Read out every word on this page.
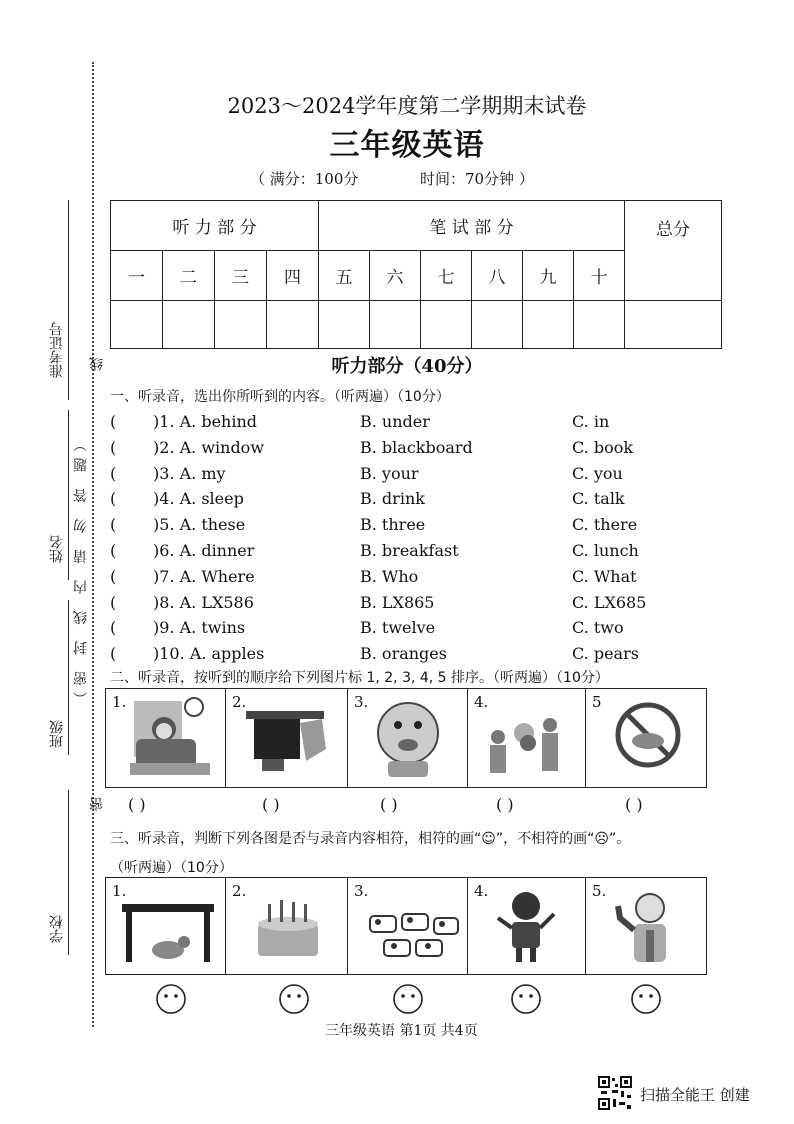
准考证号 线
（密 封 线 内 请 勿 答 题）
姓名
班级
密
学校
2023～2024学年度第二学期期末试卷
三年级英语
（ 满分：100分	时间：70分钟 ）
听 力 部 分				笔 试 部 分						总分
一	二	三	四	五	六	七	八	九	十	

听力部分（40分）
一、听录音，选出你所听到的内容。（听两遍）（10分）
( )1. A. behind	B. under	C. in
( )2. A. window	B. blackboard	C. book
( )3. A. my	B. your	C. you
( )4. A. sleep	B. drink	C. talk
( )5. A. these	B. three	C. there
( )6. A. dinner	B. breakfast	C. lunch
( )7. A. Where	B. Who	C. What
( )8. A. LX586	B. LX865	C. LX685
( )9. A. twins	B. twelve	C. two
( )10. A. apples	B. oranges	C. pears
二、听录音，按听到的顺序给下列图片标 1, 2, 3, 4, 5 排序。（听两遍）（10分）
1.	2.	3.	4.	5
( )	( )	( )	( )	( )
三、听录音，判断下列各图是否与录音内容相符，相符的画“☺”，不相符的画“☹”。
（听两遍）（10分）
1.	2.	3.	4.	5.
三年级英语 第1页 共4页
扫描全能王 创建
